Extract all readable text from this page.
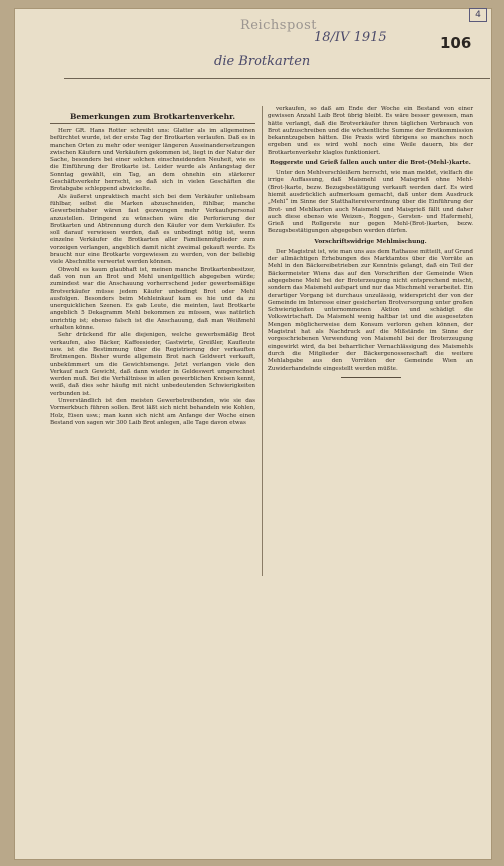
4
Reichspost
18/IV 1915	106
die Brotkarten
Bemerkungen zum Brotkartenverkehr.

Herr GR. Hans Rotter schreibt uns: Glatter als im allgemeinen befürchtet wurde, ist der erste Tag der Brotkarten verlaufen. Daß es in manchen Orten zu mehr oder weniger längeren Auseinandersetzungen zwischen Käufern und Verkäufern gekommen ist, liegt in der Natur der Sache, besonders bei einer solchen einschneidenden Neuheit, wie es die Einführung der Brotkarte ist. Leider wurde als Anfangstag der Sonntag gewählt, ein Tag, an dem ohnehin ein stärkerer Geschäftsverkehr herrscht, so daß sich in vielen Geschäften die Brotabgabe schleppend abwickelte.

Als äußerst unpraktisch macht sich bei dem Verkäufer unliebsam fühlbar, selbst die Marken abzuschneiden, fühlbar, manche Gewerbeinhaber wären fast gezwungen mehr Verkaufspersonal anzustellen. Dringend zu wünschen wäre die Perforierung der Brotkarten und Abtrennung durch den Käufer vor dem Verkäufer. Es soll darauf verwiesen werden, daß es unbedingt nötig ist, wenn einzelne Verkäufer die Brotkarten aller Familienmitglieder zum vorzeigen verlangen, angeblich damit nicht zweimal gekauft werde. Es braucht nur eine Brotkarte vorgewiesen zu werden, von der beliebig viele Abschnitte verwertet werden können.

Obwohl es kaum glaubhaft ist, meinen manche Brotkartenbesitzer, daß von nun an Brot und Mehl unentgeltlich abgegeben würde; zumindest war die Anschauung vorherrschend jeder gewerbsmäßige Brotverkäufer müsse jedem Käufer unbedingt Brot oder Mehl ausfolgen. Besonders beim Mehleinkauf kam es hie und da zu unerquicklichen Szenen. Es gab Leute, die meinten, laut Brotkarte angeblich 5 Dekagramm Mehl bekommen zu müssen, was natürlich unrichtig ist; ebenso falsch ist die Anschauung, daß man Weißmehl erhalten könne.

Sehr drückend für alle diejenigen, welche gewerbsmäßig Brot verkaufen, also Bäcker, Kaffeesieder, Gastwirte, Greißler, Kaufleute usw. ist die Bestimmung über die Registrierung der verkauften Brotmengen. Bisher wurde allgemein Brot nach Geldwert verkauft, unbekümmert um die Gewichtsmenge. Jetzt verlangen viele den Verkauf nach Gewicht, daß dann wieder in Geldeswert umgerechnet werden muß. Bei die Verhältnisse in allen gewerblichen Kreisen kennt, weiß, daß dies sehr häufig mit nicht unbedeutenden Schwierigkeiten verbunden ist.

Unverständlich ist den meisten Gewerbetreibenden, wie sie das Vormerkbuch führen sollen. Brot läßt sich nicht behandeln wie Kohlen, Holz, Eisen usw.; man kann sich nicht am Anfange der Woche einen Bestand von sagen wir 300 Laib Brot anlegen, alle Tage davon etwas

verkaufen, so daß am Ende der Woche ein Bestand von einer gewissen Anzahl Laib Brot übrig bleibt. Es wäre besser gewesen, man hätte verlangt, daß die Brotverkäufer ihren täglichen Verbrauch von Brot aufzuschreiben und die wöchentliche Summe der Brotkommission bekanntzugeben hätten. Die Praxis wird übrigens so manches noch ergeben und es wird wohl noch eine Weile dauern, bis der Brotkartenverkehr klaglos funktioniert.

Roggerste und Grieß fallen auch unter die Brot-(Mehl-)karte.

Unter den Mehlverschleißern herrscht, wie man meldet, vielfach die irrige Auffassung, daß Maismehl und Maisgrieß ohne Mehl-(Brot-)karte, bezw. Bezugsbestätigung verkauft werden darf. Es wird hiemit ausdrücklich aufmerksam gemacht, daß unter dem Ausdruck „Mehl“ im Sinne der Statthaltereiverordnung über die Einführung der Brot- und Mehlkarten auch Maismehl und Maisgrieß fällt und daher auch diese ebenso wie Weizen-, Roggen-, Gersten- und Hafermehl, Grieß und Rollgerste nur gegen Mehl-(Brot-)karten, bezw. Bezugsbestätigungen abgegeben werden dürfen.

Vorschriftswidrige Mehlmischung.

Der Magistrat ist, wie man uns aus dem Rathause mitteilt, auf Grund der allmächtigen Erhebungen des Marktamtes über die Vorräte an Mehl in den Bäckereibetrieben zur Kenntnis gelangt, daß ein Teil der Bäckermeister Wiens das auf den Vorschriften der Gemeinde Wien abgegebene Mehl bei der Broterzeugung nicht entsprechend mischt, sondern das Maismehl aufspart und nur das Mischmehl verarbeitet. Ein derartiger Vorgang ist durchaus unzulässig, widerspricht der von der Gemeinde im Interesse einer gesicherten Brotversorgung unter großen Schwierigkeiten unternommenen Aktion und schädigt die Volkswirtschaft. Da Maismehl wenig haltbar ist und die ausgesetzten Mengen möglicherweise dem Konsum verloren gehen können, der Magistrat hat als Nachdruck auf die Mißstände im Sinne der vorgeschriebenen Verwendung von Maismehl bei der Broterzeugung eingewirkt wird, da bei beharrlicher Vernachlässigung des Maismehls durch die Mitglieder der Bäckergenossenschaft die weitere Mehlabgabe aus den Vorräten der Gemeinde Wien an Zuwiderhandelnde eingestellt werden müßte.
